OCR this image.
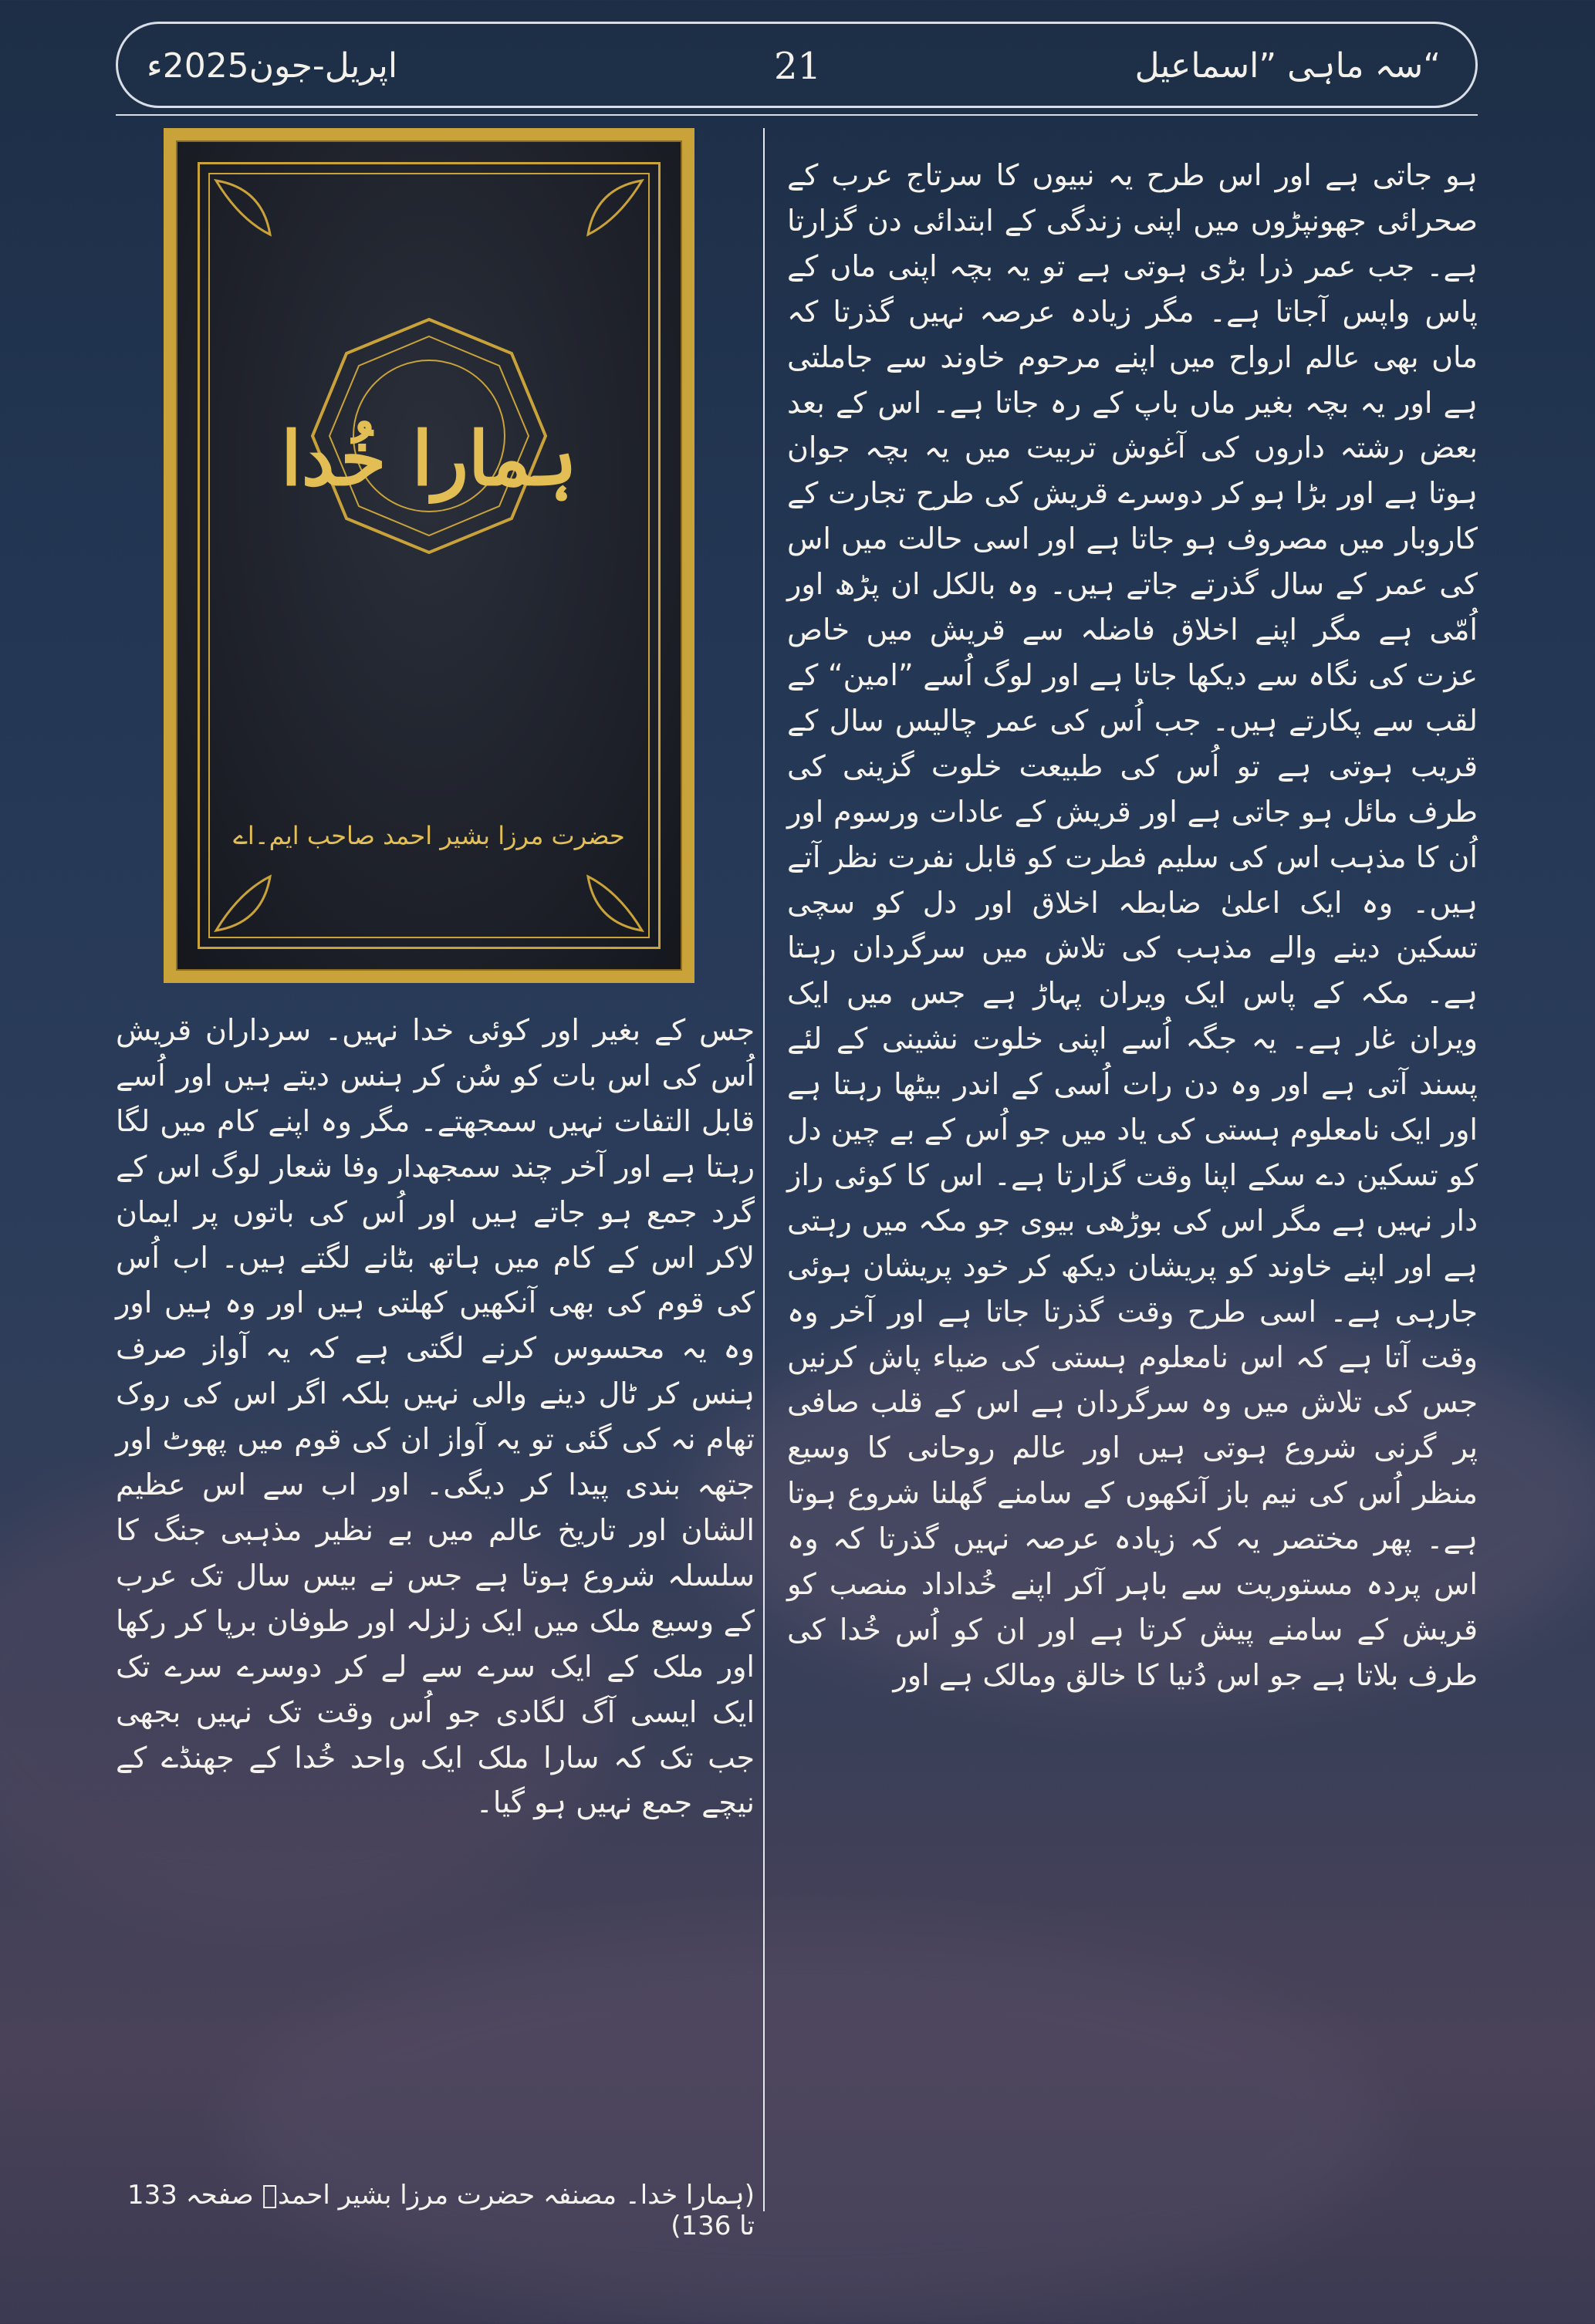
اپریل-جون2025ء	21	سہ ماہی ”اسماعیل“
ہمارا خُدا
حضرت مرزا بشیر احمد صاحب ایم۔اے

ہو جاتی ہے اور اس طرح یہ نبیوں کا سرتاج عرب کے صحرائی جھونپڑوں میں اپنی زندگی کے ابتدائی دن گزارتا ہے۔ جب عمر ذرا بڑی ہوتی ہے تو یہ بچہ اپنی ماں کے پاس واپس آجاتا ہے۔ مگر زیادہ عرصہ نہیں گذرتا کہ ماں بھی عالم ارواح میں اپنے مرحوم خاوند سے جاملتی ہے اور یہ بچہ بغیر ماں باپ کے رہ جاتا ہے۔ اس کے بعد بعض رشتہ داروں کی آغوش تربیت میں یہ بچہ جوان ہوتا ہے اور بڑا ہو کر دوسرے قریش کی طرح تجارت کے کاروبار میں مصروف ہو جاتا ہے اور اسی حالت میں اس کی عمر کے سال گذرتے جاتے ہیں۔ وہ بالکل ان پڑھ اور اُمّی ہے مگر اپنے اخلاق فاضلہ سے قریش میں خاص عزت کی نگاہ سے دیکھا جاتا ہے اور لوگ اُسے ”امین“ کے لقب سے پکارتے ہیں۔ جب اُس کی عمر چالیس سال کے قریب ہوتی ہے تو اُس کی طبیعت خلوت گزینی کی طرف مائل ہو جاتی ہے اور قریش کے عادات ورسوم اور اُن کا مذہب اس کی سلیم فطرت کو قابل نفرت نظر آتے ہیں۔ وہ ایک اعلیٰ ضابطہ اخلاق اور دل کو سچی تسکین دینے والے مذہب کی تلاش میں سرگردان رہتا ہے۔ مکہ کے پاس ایک ویران پہاڑ ہے جس میں ایک ویران غار ہے۔ یہ جگہ اُسے اپنی خلوت نشینی کے لئے پسند آتی ہے اور وہ دن رات اُسی کے اندر بیٹھا رہتا ہے اور ایک نامعلوم ہستی کی یاد میں جو اُس کے بے چین دل کو تسکین دے سکے اپنا وقت گزارتا ہے۔ اس کا کوئی راز دار نہیں ہے مگر اس کی بوڑھی بیوی جو مکہ میں رہتی ہے اور اپنے خاوند کو پریشان دیکھ کر خود پریشان ہوئی جارہی ہے۔ اسی طرح وقت گذرتا جاتا ہے اور آخر وہ وقت آتا ہے کہ اس نامعلوم ہستی کی ضیاء پاش کرنیں جس کی تلاش میں وہ سرگردان ہے اس کے قلب صافی پر گرنی شروع ہوتی ہیں اور عالم روحانی کا وسیع منظر اُس کی نیم باز آنکھوں کے سامنے گھلنا شروع ہوتا ہے۔ پھر مختصر یہ کہ زیادہ عرصہ نہیں گذرتا کہ وہ اس پردہ مستوریت سے باہر آکر اپنے خُداداد منصب کو قریش کے سامنے پیش کرتا ہے اور ان کو اُس خُدا کی طرف بلاتا ہے جو اس دُنیا کا خالق ومالک ہے اور

جس کے بغیر اور کوئی خدا نہیں۔ سرداران قریش اُس کی اس بات کو سُن کر ہنس دیتے ہیں اور اُسے قابل التفات نہیں سمجھتے۔ مگر وہ اپنے کام میں لگا رہتا ہے اور آخر چند سمجھدار وفا شعار لوگ اس کے گرد جمع ہو جاتے ہیں اور اُس کی باتوں پر ایمان لاکر اس کے کام میں ہاتھ بٹانے لگتے ہیں۔ اب اُس کی قوم کی بھی آنکھیں کھلتی ہیں اور وہ ہیں اور وہ یہ محسوس کرنے لگتی ہے کہ یہ آواز صرف ہنس کر ٹال دینے والی نہیں بلکہ اگر اس کی روک تھام نہ کی گئی تو یہ آواز ان کی قوم میں پھوٹ اور جتھہ بندی پیدا کر دیگی۔ اور اب سے اس عظیم الشان اور تاریخ عالم میں بے نظیر مذہبی جنگ کا سلسلہ شروع ہوتا ہے جس نے بیس سال تک عرب کے وسیع ملک میں ایک زلزلہ اور طوفان برپا کر رکھا اور ملک کے ایک سرے سے لے کر دوسرے سرے تک ایک ایسی آگ لگادی جو اُس وقت تک نہیں بجھی جب تک کہ سارا ملک ایک واحد خُدا کے جھنڈے کے نیچے جمع نہیں ہو گیا۔

(ہمارا خدا۔ مصنفہ حضرت مرزا بشیر احمدؓ صفحہ 133 تا 136)
